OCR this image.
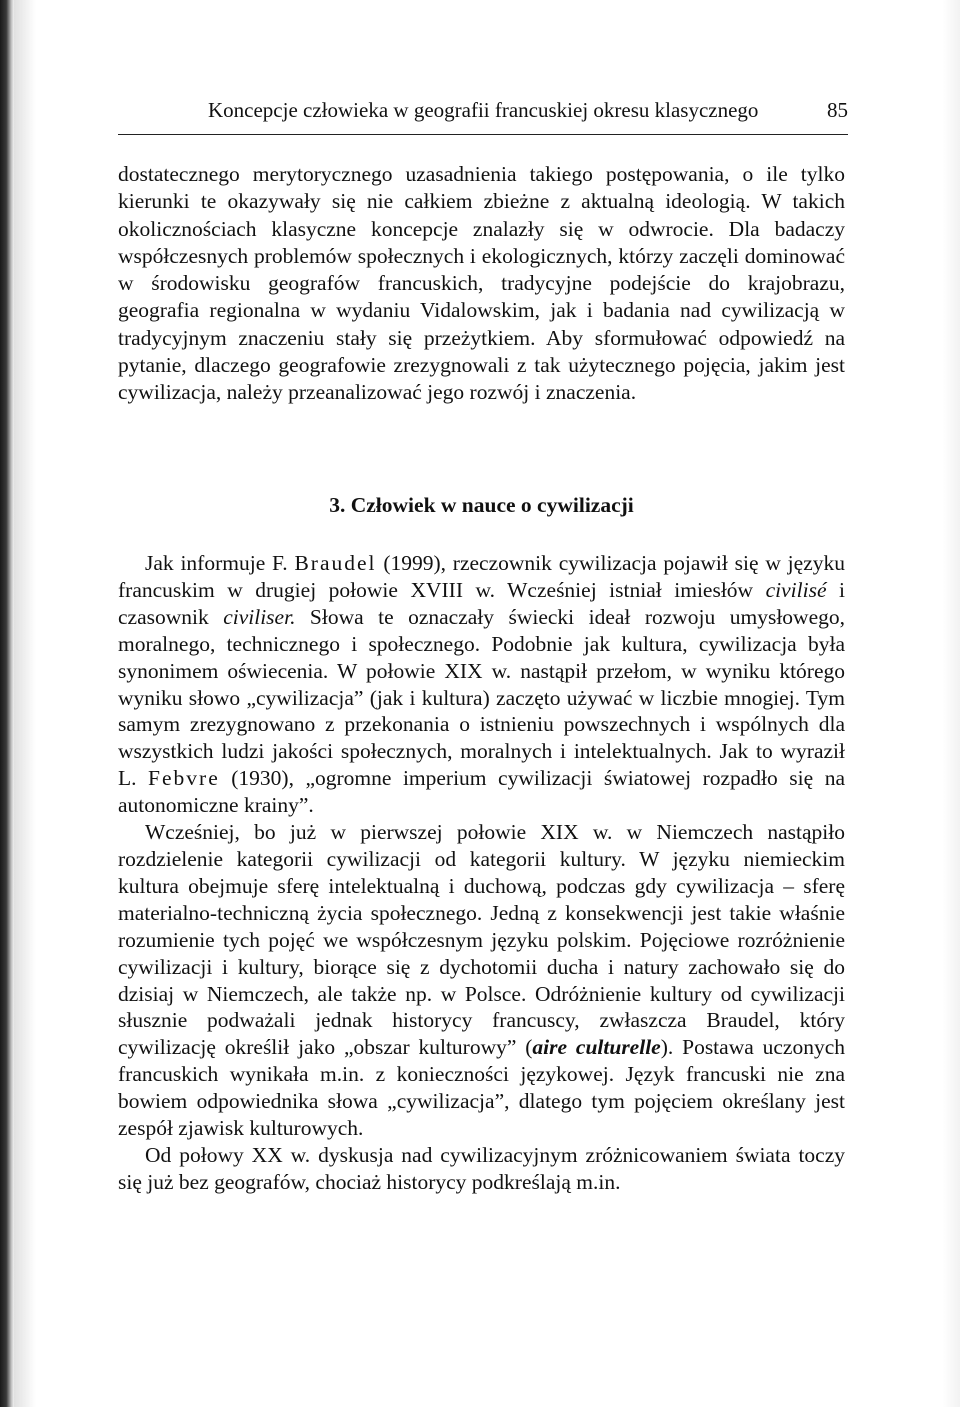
Koncepcje człowieka w geografii francuskiej okresu klasycznego	85

dostatecznego merytorycznego uzasadnienia takiego postępowania, o ile tylko kierunki te okazywały się nie całkiem zbieżne z aktualną ideologią. W takich okolicznościach klasyczne koncepcje znalazły się w odwrocie. Dla badaczy współczesnych problemów społecznych i ekologicznych, którzy zaczęli dominować w środowisku geografów francuskich, tradycyjne podejście do krajobrazu, geografia regionalna w wydaniu Vidalowskim, jak i badania nad cywilizacją w tradycyjnym znaczeniu stały się przeżytkiem. Aby sformułować odpowiedź na pytanie, dlaczego geografowie zrezygnowali z tak użytecznego pojęcia, jakim jest cywilizacja, należy przeanalizować jego rozwój i znaczenia.

3. Człowiek w nauce o cywilizacji

Jak informuje F. Braudel (1999), rzeczownik cywilizacja pojawił się w języku francuskim w drugiej połowie XVIII w. Wcześniej istniał imiesłów civilisé i czasownik civiliser. Słowa te oznaczały świecki ideał rozwoju umysłowego, moralnego, technicznego i społecznego. Podobnie jak kultura, cywilizacja była synonimem oświecenia. W połowie XIX w. nastąpił przełom, w wyniku którego wyniku słowo „cywilizacja” (jak i kultura) zaczęto używać w liczbie mnogiej. Tym samym zrezygnowano z przekonania o istnieniu powszechnych i wspólnych dla wszystkich ludzi jakości społecznych, moralnych i intelektualnych. Jak to wyraził L. Febvre (1930), „ogromne imperium cywilizacji światowej rozpadło się na autonomiczne krainy”.

Wcześniej, bo już w pierwszej połowie XIX w. w Niemczech nastąpiło rozdzielenie kategorii cywilizacji od kategorii kultury. W języku niemieckim kultura obejmuje sferę intelektualną i duchową, podczas gdy cywilizacja – sferę materialno-techniczną życia społecznego. Jedną z konsekwencji jest takie właśnie rozumienie tych pojęć we współczesnym języku polskim. Pojęciowe rozróżnienie cywilizacji i kultury, biorące się z dychotomii ducha i natury zachowało się do dzisiaj w Niemczech, ale także np. w Polsce. Odróżnienie kultury od cywilizacji słusznie podważali jednak historycy francuscy, zwłaszcza Braudel, który cywilizację określił jako „obszar kulturowy” (aire culturelle). Postawa uczonych francuskich wynikała m.in. z konieczności językowej. Język francuski nie zna bowiem odpowiednika słowa „cywilizacja”, dlatego tym pojęciem określany jest zespół zjawisk kulturowych.

Od połowy XX w. dyskusja nad cywilizacyjnym zróżnicowaniem świata toczy się już bez geografów, chociaż historycy podkreślają m.in.
